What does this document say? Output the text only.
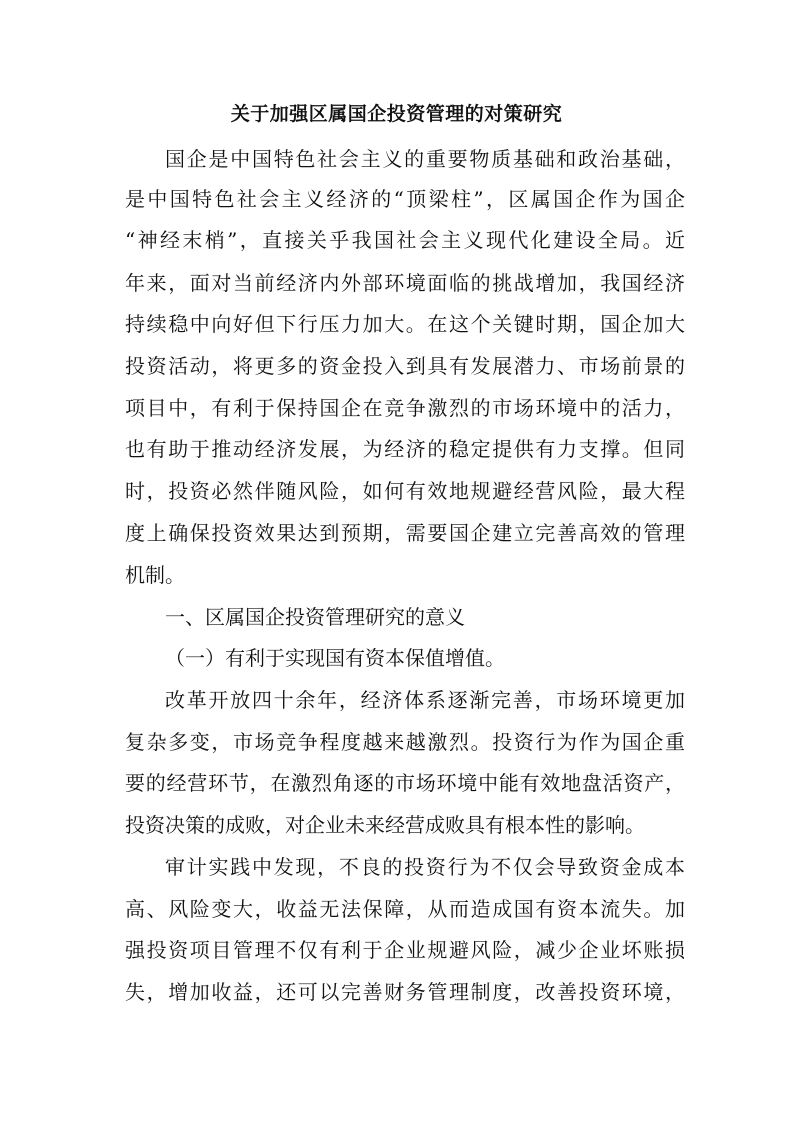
关于加强区属国企投资管理的对策研究

国企是中国特色社会主义的重要物质基础和政治基础，

是中国特色社会主义经济的“顶梁柱”，区属国企作为国企

“神经末梢”，直接关乎我国社会主义现代化建设全局。近

年来，面对当前经济内外部环境面临的挑战增加，我国经济

持续稳中向好但下行压力加大。在这个关键时期，国企加大

投资活动，将更多的资金投入到具有发展潜力、市场前景的

项目中，有利于保持国企在竞争激烈的市场环境中的活力，

也有助于推动经济发展，为经济的稳定提供有力支撑。但同

时，投资必然伴随风险，如何有效地规避经营风险，最大程

度上确保投资效果达到预期，需要国企建立完善高效的管理

机制。

一、区属国企投资管理研究的意义

（一）有利于实现国有资本保值增值。

改革开放四十余年，经济体系逐渐完善，市场环境更加

复杂多变，市场竞争程度越来越激烈。投资行为作为国企重

要的经营环节，在激烈角逐的市场环境中能有效地盘活资产，

投资决策的成败，对企业未来经营成败具有根本性的影响。

审计实践中发现，不良的投资行为不仅会导致资金成本

高、风险变大，收益无法保障，从而造成国有资本流失。加

强投资项目管理不仅有利于企业规避风险，减少企业坏账损

失，增加收益，还可以完善财务管理制度，改善投资环境，
